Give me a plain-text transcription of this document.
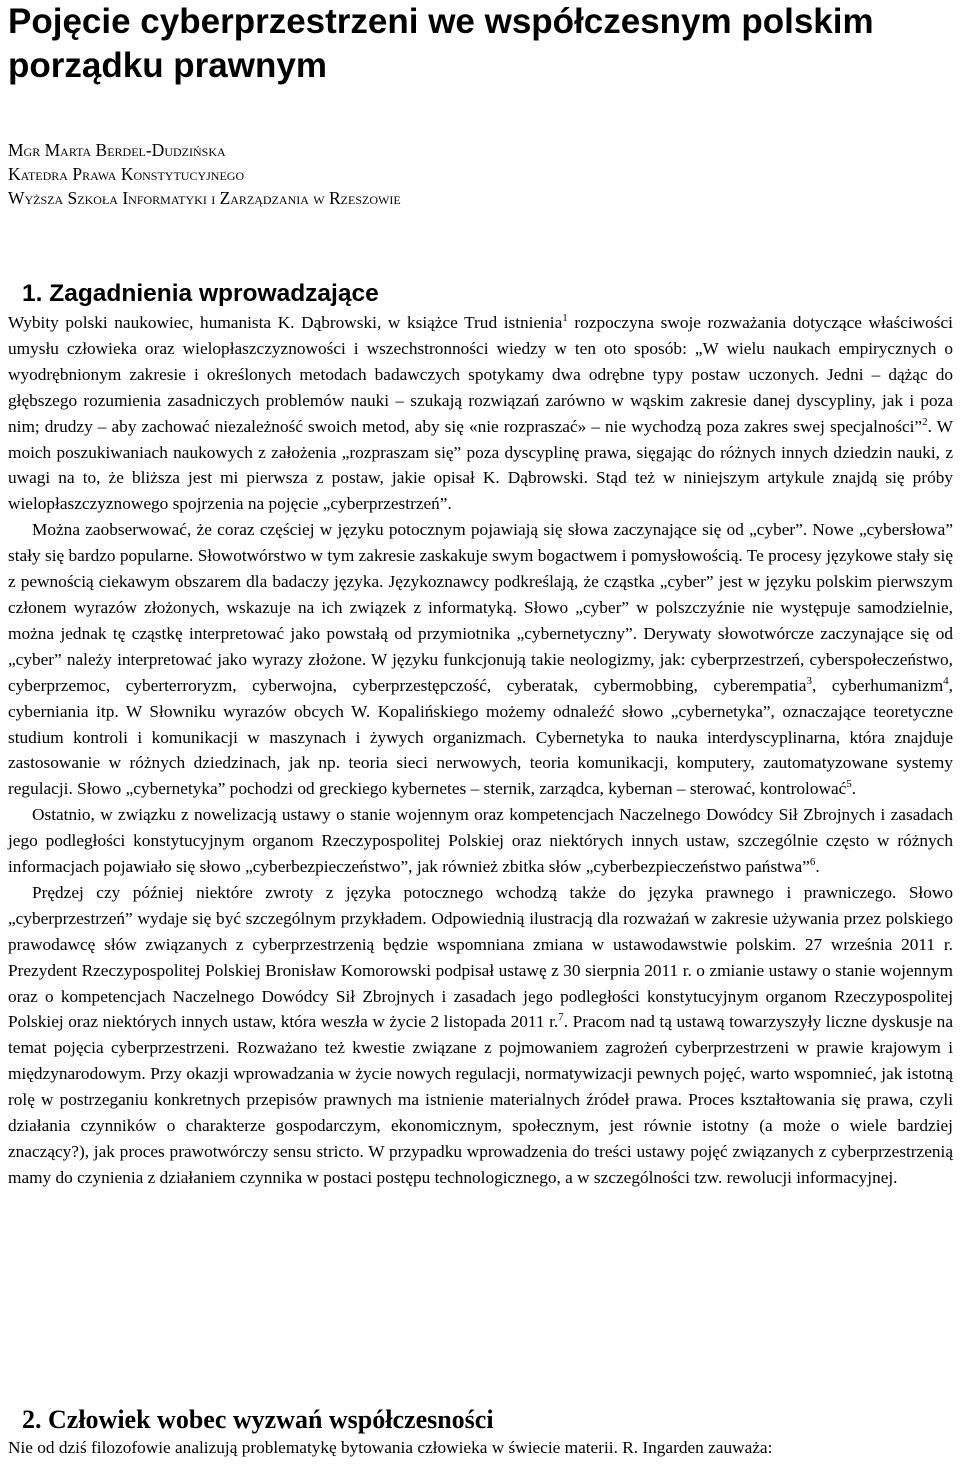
Pojęcie cyberprzestrzeni we współczesnym polskim porządku prawnym
Mgr Marta Berdel-Dudzińska
Katedra Prawa Konstytucyjnego
Wyższa Szkoła Informatyki i Zarządzania w Rzeszowie
1. Zagadnienia wprowadzające

Wybity polski naukowiec, humanista K. Dąbrowski, w książce Trud istnienia$^1$ rozpoczyna swoje rozważania dotyczące właściwości umysłu człowieka oraz wielopłaszczyznowości i wszechstronności wiedzy w ten oto sposób: „W wielu naukach empirycznych o wyodrębnionym zakresie i określonych metodach badawczych spotykamy dwa odrębne typy postaw uczonych. Jedni – dążąc do głębszego rozumienia zasadniczych problemów nauki – szukają rozwiązań zarówno w wąskim zakresie danej dyscypliny, jak i poza nim; drudzy – aby zachować niezależność swoich metod, aby się «nie rozpraszać» – nie wychodzą poza zakres swej specjalności”$^2$. W moich poszukiwaniach naukowych z założenia „rozpraszam się” poza dyscyplinę prawa, sięgając do różnych innych dziedzin nauki, z uwagi na to, że bliższa jest mi pierwsza z postaw, jakie opisał K. Dąbrowski. Stąd też w niniejszym artykule znajdą się próby wielopłaszczyznowego spojrzenia na pojęcie „cyberprzestrzeń”.

Można zaobserwować, że coraz częściej w języku potocznym pojawiają się słowa zaczynające się od „cyber”. Nowe „cybersłowa” stały się bardzo popularne. Słowotwórstwo w tym zakresie zaskakuje swym bogactwem i pomysłowością. Te procesy językowe stały się z pewnością ciekawym obszarem dla badaczy języka. Językoznawcy podkreślają, że cząstka „cyber” jest w języku polskim pierwszym członem wyrazów złożonych, wskazuje na ich związek z informatyką. Słowo „cyber” w polszczyźnie nie występuje samodzielnie, można jednak tę cząstkę interpretować jako powstałą od przymiotnika „cybernetyczny”. Derywaty słowotwórcze zaczynające się od „cyber” należy interpretować jako wyrazy złożone. W języku funkcjonują takie neologizmy, jak: cyberprzestrzeń, cyberspołeczeństwo, cyberprzemoc, cyberterroryzm, cyberwojna, cyberprzestępczość, cyberatak, cybermobbing, cyberempatia$^3$, cyberhumanizm$^4$, cyberniania itp. W Słowniku wyrazów obcych W. Kopalińskiego możemy odnaleźć słowo „cybernetyka”, oznaczające teoretyczne studium kontroli i komunikacji w maszynach i żywych organizmach. Cybernetyka to nauka interdyscyplinarna, która znajduje zastosowanie w różnych dziedzinach, jak np. teoria sieci nerwowych, teoria komunikacji, komputery, zautomatyzowane systemy regulacji. Słowo „cybernetyka” pochodzi od greckiego kybernetes – sternik, zarządca, kybernan – sterować, kontrolować$^5$.

Ostatnio, w związku z nowelizacją ustawy o stanie wojennym oraz kompetencjach Naczelnego Dowódcy Sił Zbrojnych i zasadach jego podległości konstytucyjnym organom Rzeczypospolitej Polskiej oraz niektórych innych ustaw, szczególnie często w różnych informacjach pojawiało się słowo „cyberbezpieczeństwo”, jak również zbitka słów „cyberbezpieczeństwo państwa”$^6$.

Prędzej czy później niektóre zwroty z języka potocznego wchodzą także do języka prawnego i prawniczego. Słowo „cyberprzestrzeń” wydaje się być szczególnym przykładem. Odpowiednią ilustracją dla rozważań w zakresie używania przez polskiego prawodawcę słów związanych z cyberprzestrzenią będzie wspomniana zmiana w ustawodawstwie polskim. 27 września 2011 r. Prezydent Rzeczypospolitej Polskiej Bronisław Komorowski podpisał ustawę z 30 sierpnia 2011 r. o zmianie ustawy o stanie wojennym oraz o kompetencjach Naczelnego Dowódcy Sił Zbrojnych i zasadach jego podległości konstytucyjnym organom Rzeczypospolitej Polskiej oraz niektórych innych ustaw, która weszła w życie 2 listopada 2011 r.$^7$. Pracom nad tą ustawą towarzyszyły liczne dyskusje na temat pojęcia cyberprzestrzeni. Rozważano też kwestie związane z pojmowaniem zagrożeń cyberprzestrzeni w prawie krajowym i międzynarodowym. Przy okazji wprowadzania w życie nowych regulacji, normatywizacji pewnych pojęć, warto wspomnieć, jak istotną rolę w postrzeganiu konkretnych przepisów prawnych ma istnienie materialnych źródeł prawa. Proces kształtowania się prawa, czyli działania czynników o charakterze gospodarczym, ekonomicznym, społecznym, jest równie istotny (a może o wiele bardziej znaczący?), jak proces prawotwórczy sensu stricto. W przypadku wprowadzenia do treści ustawy pojęć związanych z cyberprzestrzenią mamy do czynienia z działaniem czynnika w postaci postępu technologicznego, a w szczególności tzw. rewolucji informacyjnej.

2. Człowiek wobec wyzwań współczesności

Nie od dziś filozofowie analizują problematykę bytowania człowieka w świecie materii. R. Ingarden zauważa:
